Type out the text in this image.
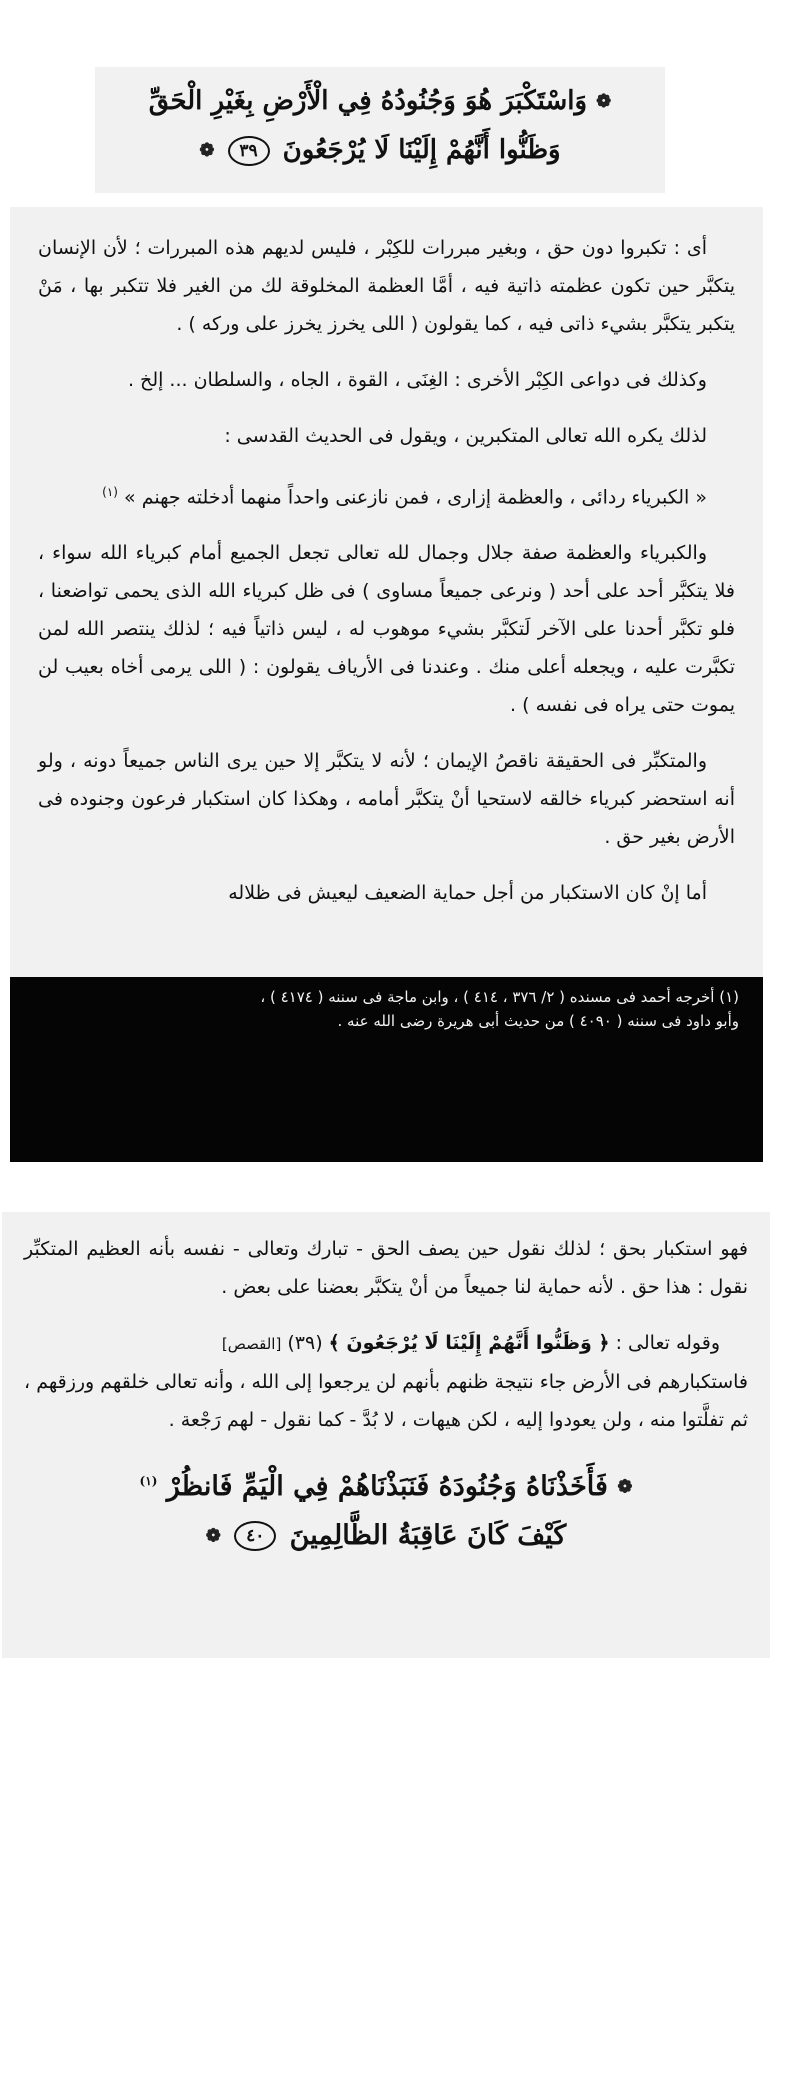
❁ وَاسْتَكْبَرَ هُوَ وَجُنُودُهُ فِي الْأَرْضِ بِغَيْرِ الْحَقِّ
وَظَنُّوا أَنَّهُمْ إِلَيْنَا لَا يُرْجَعُونَ ٣٩ ❁

أى : تكبروا دون حق ، وبغير مبررات للكِبْر ، فليس لديهم هذه المبررات ؛ لأن الإنسان يتكبَّر حين تكون عظمته ذاتية فيه ، أمَّا العظمة المخلوقة لك من الغير فلا تتكبر بها ، مَنْ يتكبر يتكبَّر بشيء ذاتى فيه ، كما يقولون ( اللى يخرز يخرز على وركه ) .

وكذلك فى دواعى الكِبْر الأخرى : الغِنَى ، القوة ، الجاه ، والسلطان ... إلخ .

لذلك يكره الله تعالى المتكبرين ، ويقول فى الحديث القدسى :

« الكبرياء ردائى ، والعظمة إزارى ، فمن نازعنى واحداً منهما أدخلته جهنم » $^{(١)}$

والكبرياء والعظمة صفة جلال وجمال لله تعالى تجعل الجميع أمام كبرياء الله سواء ، فلا يتكبَّر أحد على أحد ( ونرعى جميعاً مساوى ) فى ظل كبرياء الله الذى يحمى تواضعنا ، فلو تكبَّر أحدنا على الآخر لَتكبَّر بشيء موهوب له ، ليس ذاتياً فيه ؛ لذلك ينتصر الله لمن تكبَّرت عليه ، ويجعله أعلى منك . وعندنا فى الأرياف يقولون : ( اللى يرمى أخاه بعيب لن يموت حتى يراه فى نفسه ) .

والمتكبِّر فى الحقيقة ناقصُ الإيمان ؛ لأنه لا يتكبَّر إلا حين يرى الناس جميعاً دونه ، ولو أنه استحضر كبرياء خالقه لاستحيا أنْ يتكبَّر أمامه ، وهكذا كان استكبار فرعون وجنوده فى الأرض بغير حق .

أما إنْ كان الاستكبار من أجل حماية الضعيف ليعيش فى ظلاله

(١) أخرجه أحمد فى مسنده ( ٢/ ٣٧٦ ، ٤١٤ ) ، وابن ماجة فى سننه ( ٤١٧٤ ) ،

وأبو داود فى سننه ( ٤٠٩٠ ) من حديث أبى هريرة رضى الله عنه .

فهو استكبار بحق ؛ لذلك نقول حين يصف الحق - تبارك وتعالى - نفسه بأنه العظيم المتكبِّر نقول : هذا حق . لأنه حماية لنا جميعاً من أنْ يتكبَّر بعضنا على بعض .

وقوله تعالى : ﴿ وَظَنُّوا أَنَّهُمْ إِلَيْنَا لَا يُرْجَعُونَ ﴾ (٣٩) [القصص]

فاستكبارهم فى الأرض جاء نتيجة ظنهم بأنهم لن يرجعوا إلى الله ، وأنه تعالى خلقهم ورزقهم ، ثم تفلَّتوا منه ، ولن يعودوا إليه ، لكن هيهات ، لا بُدَّ - كما نقول - لهم رَجْعة .

❁ فَأَخَذْنَاهُ وَجُنُودَهُ فَنَبَذْنَاهُمْ فِي الْيَمِّ فَانظُرْ $^{(١)}$
كَيْفَ كَانَ عَاقِبَةُ الظَّالِمِينَ ٤٠ ❁
